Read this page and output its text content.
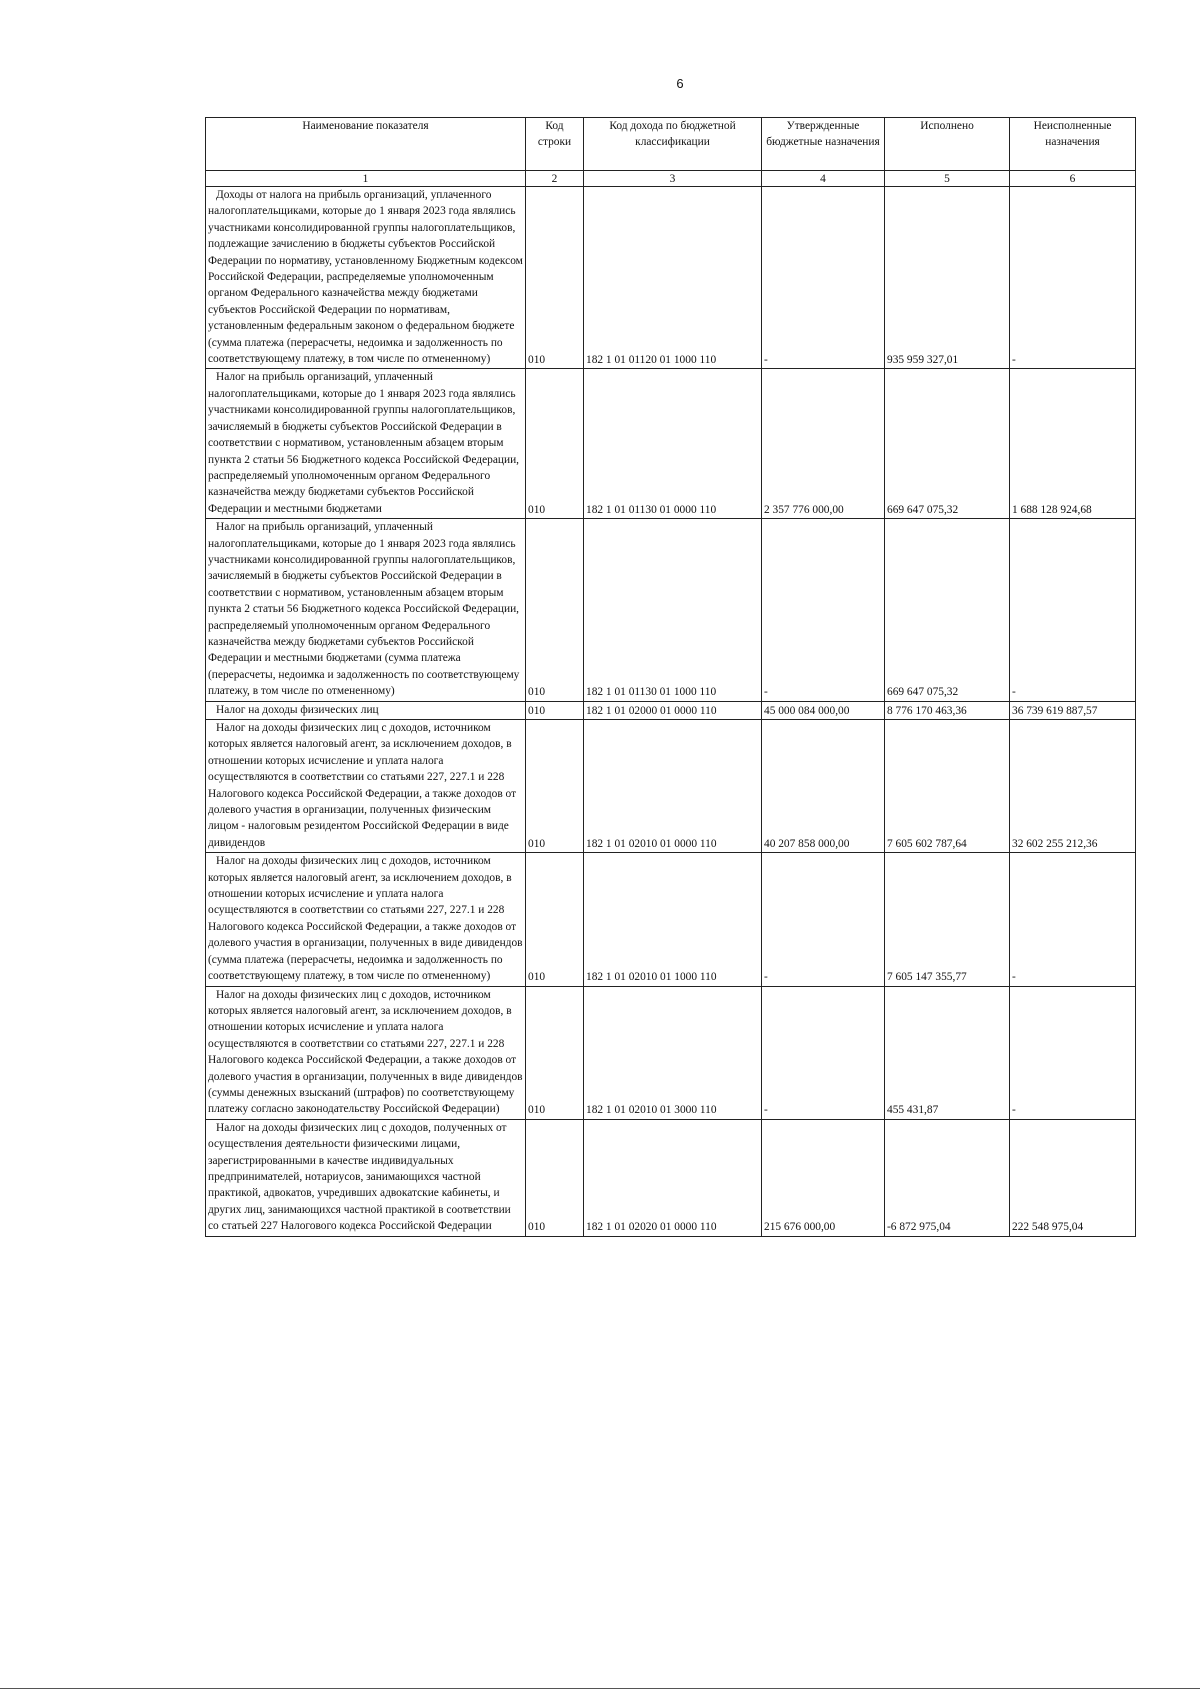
6
Наименование показателя	Код строки	Код дохода по бюджетной классификации	Утвержденные бюджетные назначения	Исполнено	Неисполненные назначения
1	2	3	4	5	6
Доходы от налога на прибыль организаций, уплаченного налогоплательщиками, которые до 1 января 2023 года являлись участниками консолидированной группы налогоплательщиков, подлежащие зачислению в бюджеты субъектов Российской Федерации по нормативу, установленному Бюджетным кодексом Российской Федерации, распределяемые уполномоченным органом Федерального казначейства между бюджетами субъектов Российской Федерации по нормативам, установленным федеральным законом о федеральном бюджете (сумма платежа (перерасчеты, недоимка и задолженность по соответствующему платежу, в том числе по отмененному)	010	182 1 01 01120 01 1000 110	-	935 959 327,01	-
Налог на прибыль организаций, уплаченный налогоплательщиками, которые до 1 января 2023 года являлись участниками консолидированной группы налогоплательщиков, зачисляемый в бюджеты субъектов Российской Федерации в соответствии с нормативом, установленным абзацем вторым пункта 2 статьи 56 Бюджетного кодекса Российской Федерации, распределяемый уполномоченным органом Федерального казначейства между бюджетами субъектов Российской Федерации и местными бюджетами	010	182 1 01 01130 01 0000 110	2 357 776 000,00	669 647 075,32	1 688 128 924,68
Налог на прибыль организаций, уплаченный налогоплательщиками, которые до 1 января 2023 года являлись участниками консолидированной группы налогоплательщиков, зачисляемый в бюджеты субъектов Российской Федерации в соответствии с нормативом, установленным абзацем вторым пункта 2 статьи 56 Бюджетного кодекса Российской Федерации, распределяемый уполномоченным органом Федерального казначейства между бюджетами субъектов Российской Федерации и местными бюджетами (сумма платежа (перерасчеты, недоимка и задолженность по соответствующему платежу, в том числе по отмененному)	010	182 1 01 01130 01 1000 110	-	669 647 075,32	-
Налог на доходы физических лиц	010	182 1 01 02000 01 0000 110	45 000 084 000,00	8 776 170 463,36	36 739 619 887,57
Налог на доходы физических лиц с доходов, источником которых является налоговый агент, за исключением доходов, в отношении которых исчисление и уплата налога осуществляются в соответствии со статьями 227, 227.1 и 228 Налогового кодекса Российской Федерации, а также доходов от долевого участия в организации, полученных физическим лицом - налоговым резидентом Российской Федерации в виде дивидендов	010	182 1 01 02010 01 0000 110	40 207 858 000,00	7 605 602 787,64	32 602 255 212,36
Налог на доходы физических лиц с доходов, источником которых является налоговый агент, за исключением доходов, в отношении которых исчисление и уплата налога осуществляются в соответствии со статьями 227, 227.1 и 228 Налогового кодекса Российской Федерации, а также доходов от долевого участия в организации, полученных в виде дивидендов (сумма платежа (перерасчеты, недоимка и задолженность по соответствующему платежу, в том числе по отмененному)	010	182 1 01 02010 01 1000 110	-	7 605 147 355,77	-
Налог на доходы физических лиц с доходов, источником которых является налоговый агент, за исключением доходов, в отношении которых исчисление и уплата налога осуществляются в соответствии со статьями 227, 227.1 и 228 Налогового кодекса Российской Федерации, а также доходов от долевого участия в организации, полученных в виде дивидендов (суммы денежных взысканий (штрафов) по соответствующему платежу согласно законодательству Российской Федерации)	010	182 1 01 02010 01 3000 110	-	455 431,87	-
Налог на доходы физических лиц с доходов, полученных от осуществления деятельности физическими лицами, зарегистрированными в качестве индивидуальных предпринимателей, нотариусов, занимающихся частной практикой, адвокатов, учредивших адвокатские кабинеты, и других лиц, занимающихся частной практикой в соответствии со статьей 227 Налогового кодекса Российской Федерации	010	182 1 01 02020 01 0000 110	215 676 000,00	-6 872 975,04	222 548 975,04
